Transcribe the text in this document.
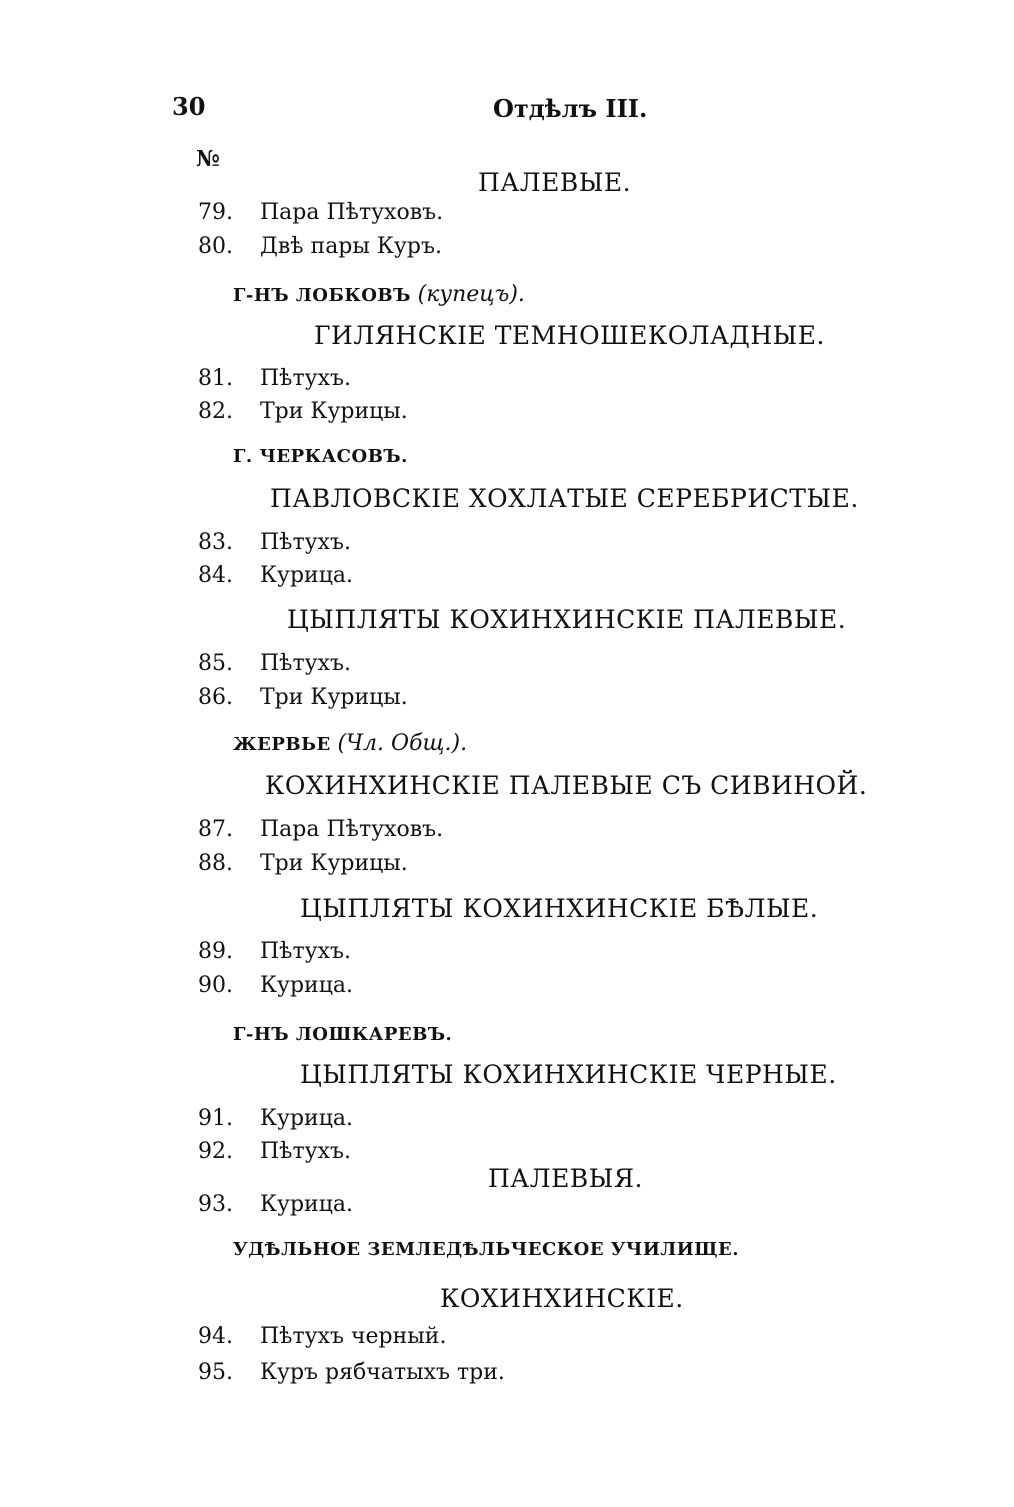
30	Отдѣлъ III.
№
ПАЛЕВЫЕ.
79. Пара Пѣтуховъ.
80. Двѣ пары Куръ.
Г-НЪ ЛОБКОВЪ (купецъ).
ГИЛЯНСКІЕ ТЕМНОШЕКОЛАДНЫЕ.
81. Пѣтухъ.
82. Три Курицы.
Г. ЧЕРКАСОВЪ.
ПАВЛОВСКІЕ ХОХЛАТЫЕ СЕРЕБРИСТЫЕ.
83. Пѣтухъ.
84. Курица.
ЦЫПЛЯТЫ КОХИНХИНСКІЕ ПАЛЕВЫЕ.
85. Пѣтухъ.
86. Три Курицы.
ЖЕРВЬЕ (Чл. Общ.).
КОХИНХИНСКІЕ ПАЛЕВЫЕ СЪ СИВИНОЙ.
87. Пара Пѣтуховъ.
88. Три Курицы.
ЦЫПЛЯТЫ КОХИНХИНСКІЕ БѢЛЫЕ.
89. Пѣтухъ.
90. Курица.
Г-НЪ ЛОШКАРЕВЪ.
ЦЫПЛЯТЫ КОХИНХИНСКІЕ ЧЕРНЫЕ.
91. Курица.
92. Пѣтухъ.
ПАЛЕВЫЯ.
93. Курица.
УДѢЛЬНОЕ ЗЕМЛЕДѢЛЬЧЕСКОЕ УЧИЛИЩЕ.
КОХИНХИНСКІЕ.
94. Пѣтухъ черный.
95. Куръ рябчатыхъ три.
